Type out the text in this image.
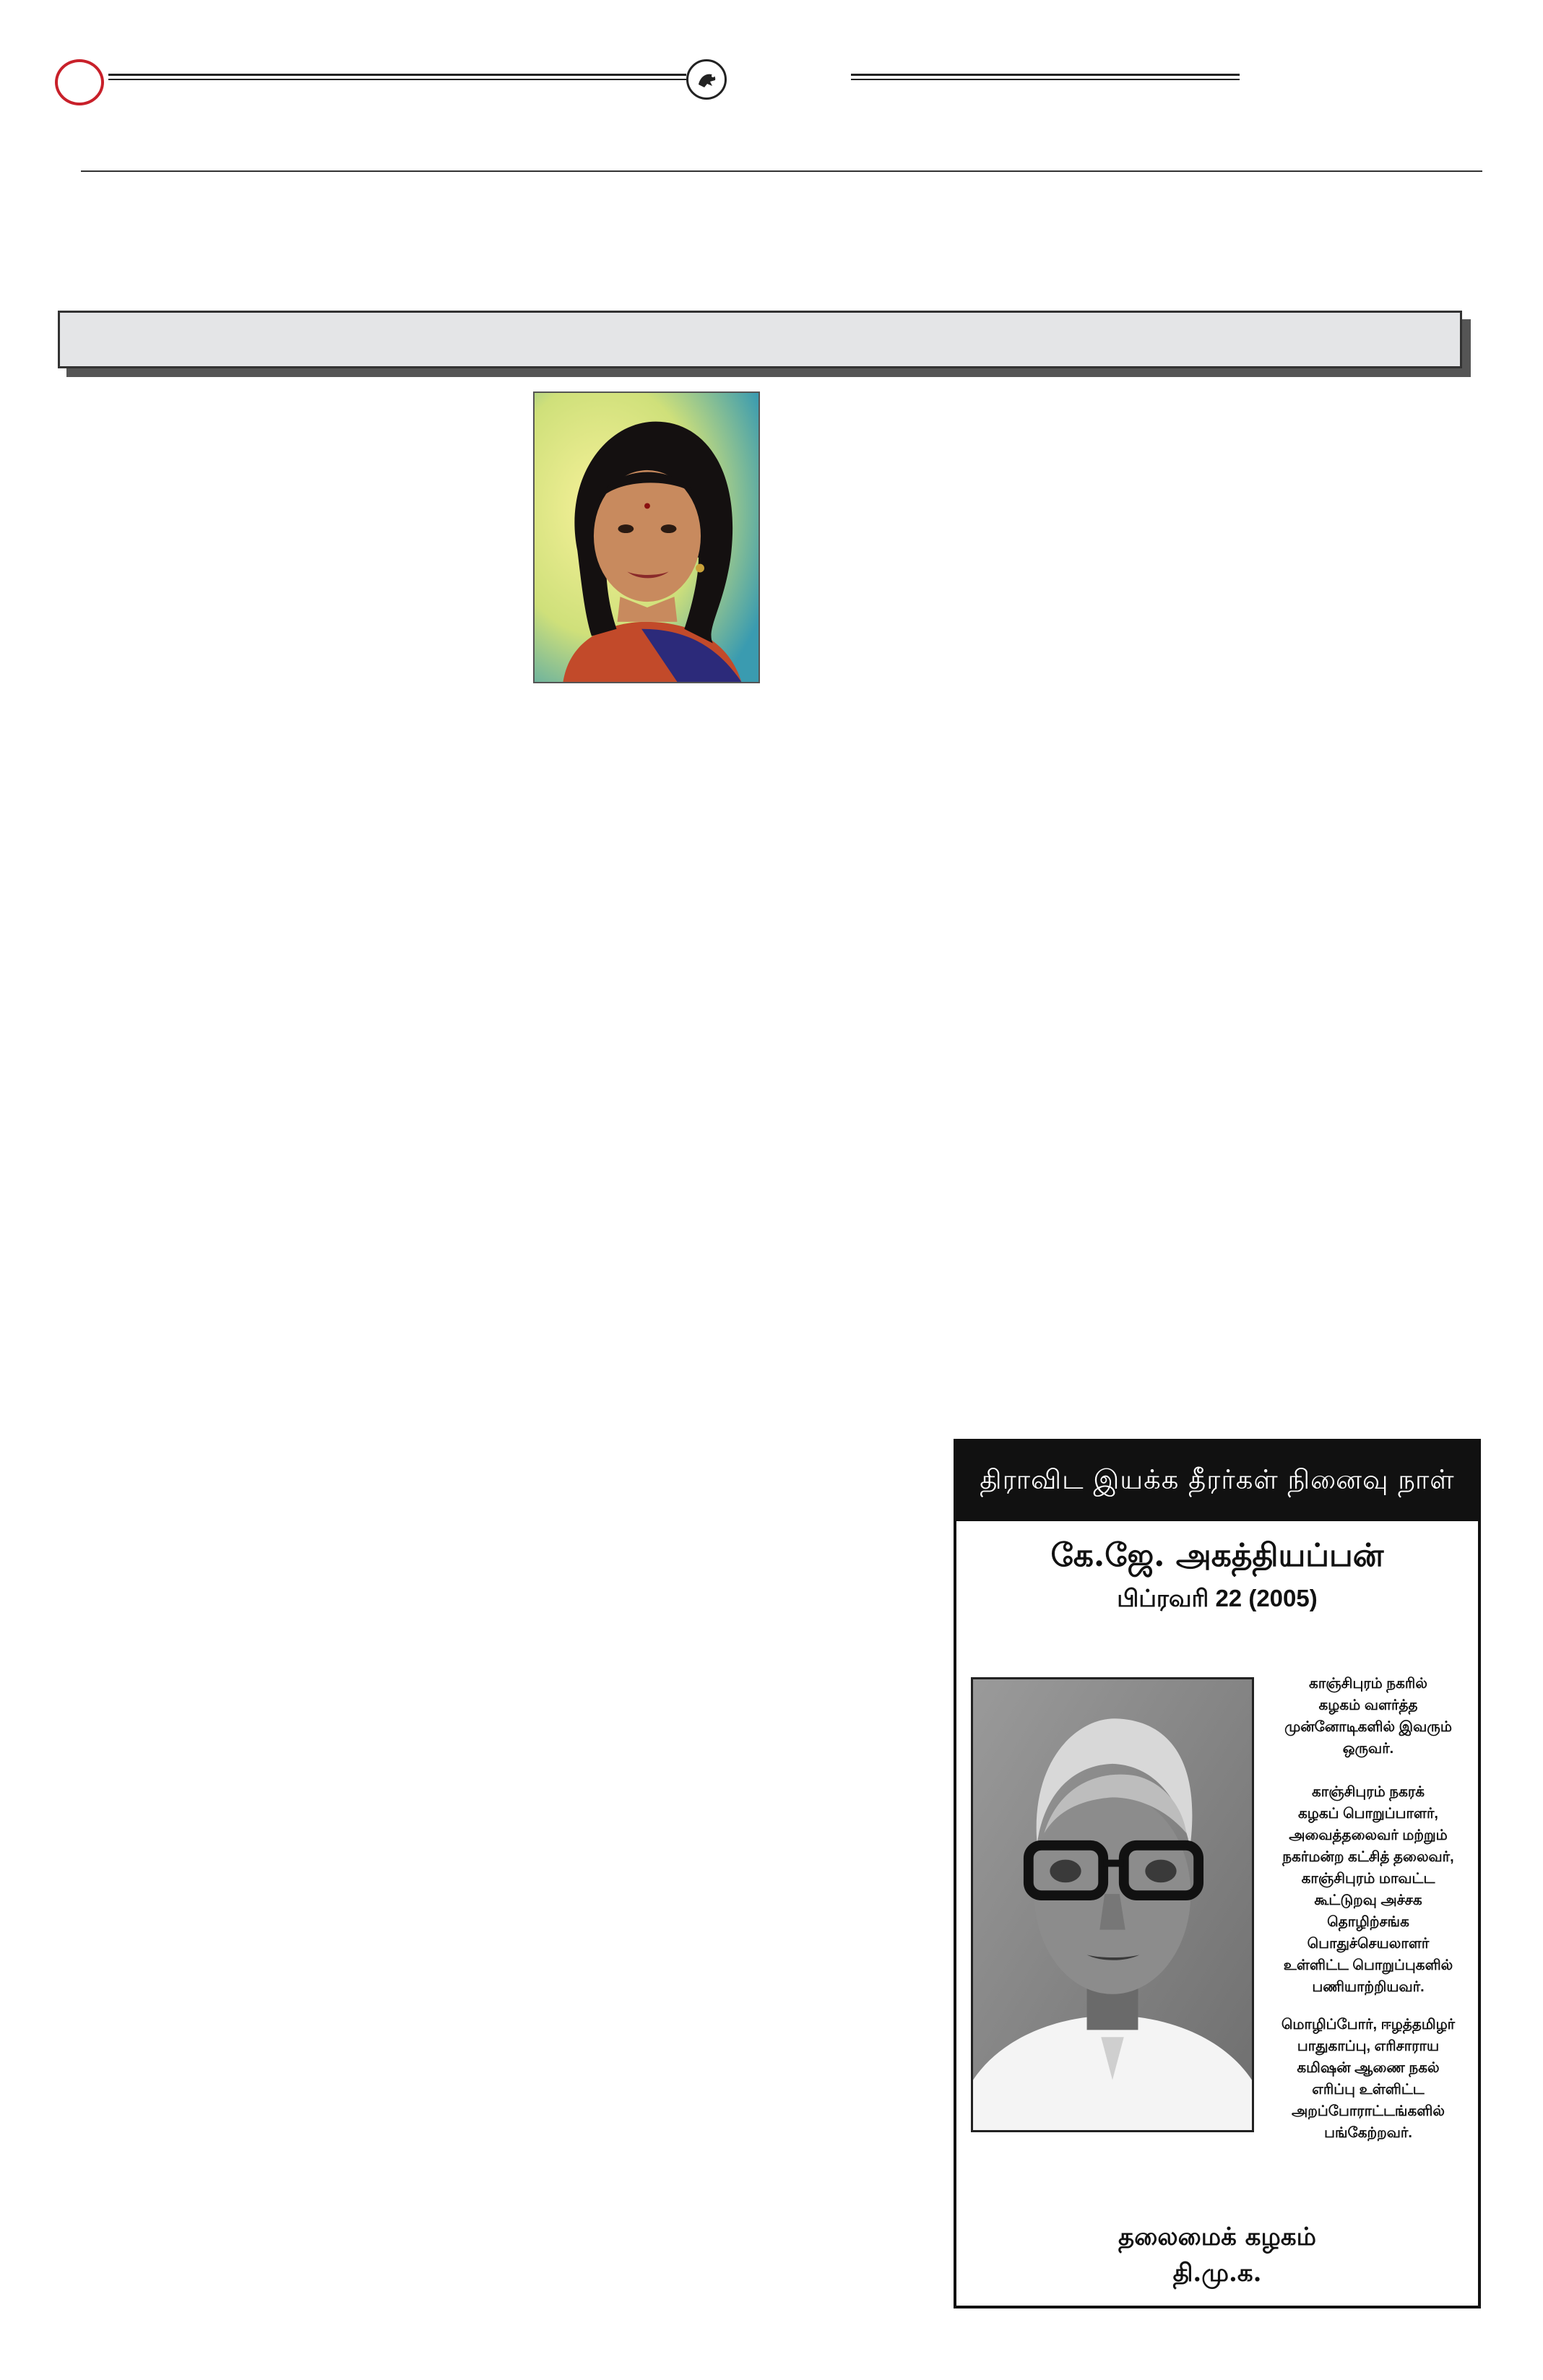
திராவிட இயக்க தீரர்கள் நினைவு நாள்
கே.ஜே. அகத்தியப்பன்
பிப்ரவரி 22 (2005)
காஞ்சிபுரம் நகரில்
கழகம் வளர்த்த
முன்னோடிகளில் இவரும்
ஒருவர்.
காஞ்சிபுரம் நகரக்
கழகப் பொறுப்பாளர்,
அவைத்தலைவர் மற்றும்
நகர்மன்ற கட்சித் தலைவர்,
காஞ்சிபுரம் மாவட்ட
கூட்டுறவு அச்சக
தொழிற்சங்க
பொதுச்செயலாளர்
உள்ளிட்ட பொறுப்புகளில்
பணியாற்றியவர்.
மொழிப்போர், ஈழத்தமிழர்
பாதுகாப்பு, எரிசாராய
கமிஷன் ஆணை நகல்
எரிப்பு உள்ளிட்ட
அறப்போராட்டங்களில்
பங்கேற்றவர்.
தலைமைக் கழகம்
தி.மு.க.
